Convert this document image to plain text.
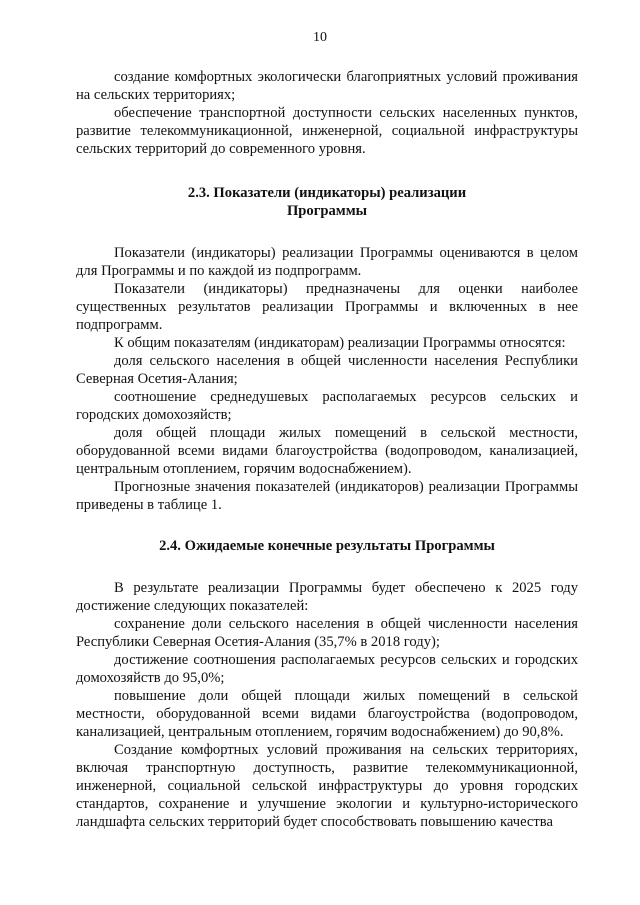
10

создание комфортных экологически благоприятных условий проживания на сельских территориях;

обеспечение транспортной доступности сельских населенных пунктов, развитие телекоммуникационной, инженерной, социальной инфраструктуры сельских территорий до современного уровня.

2.3. Показатели (индикаторы) реализации
Программы

Показатели (индикаторы) реализации Программы оцениваются в целом для Программы и по каждой из подпрограмм.

Показатели (индикаторы) предназначены для оценки наиболее существенных результатов реализации Программы и включенных в нее подпрограмм.

К общим показателям (индикаторам) реализации Программы относятся:

доля сельского населения в общей численности населения Республики Северная Осетия-Алания;

соотношение среднедушевых располагаемых ресурсов сельских и городских домохозяйств;

доля общей площади жилых помещений в сельской местности, оборудованной всеми видами благоустройства (водопроводом, канализацией, центральным отоплением, горячим водоснабжением).

Прогнозные значения показателей (индикаторов) реализации Программы приведены в таблице 1.

2.4. Ожидаемые конечные результаты Программы

В результате реализации Программы будет обеспечено к 2025 году достижение следующих показателей:

сохранение доли сельского населения в общей численности населения Республики Северная Осетия-Алания (35,7% в 2018 году);

достижение соотношения располагаемых ресурсов сельских и городских домохозяйств до 95,0%;

повышение доли общей площади жилых помещений в сельской местности, оборудованной всеми видами благоустройства (водопроводом, канализацией, центральным отоплением, горячим водоснабжением) до 90,8%.

Создание комфортных условий проживания на сельских территориях, включая транспортную доступность, развитие телекоммуникационной, инженерной, социальной сельской инфраструктуры до уровня городских стандартов, сохранение и улучшение экологии и культурно-исторического ландшафта сельских территорий будет способствовать повышению качества
